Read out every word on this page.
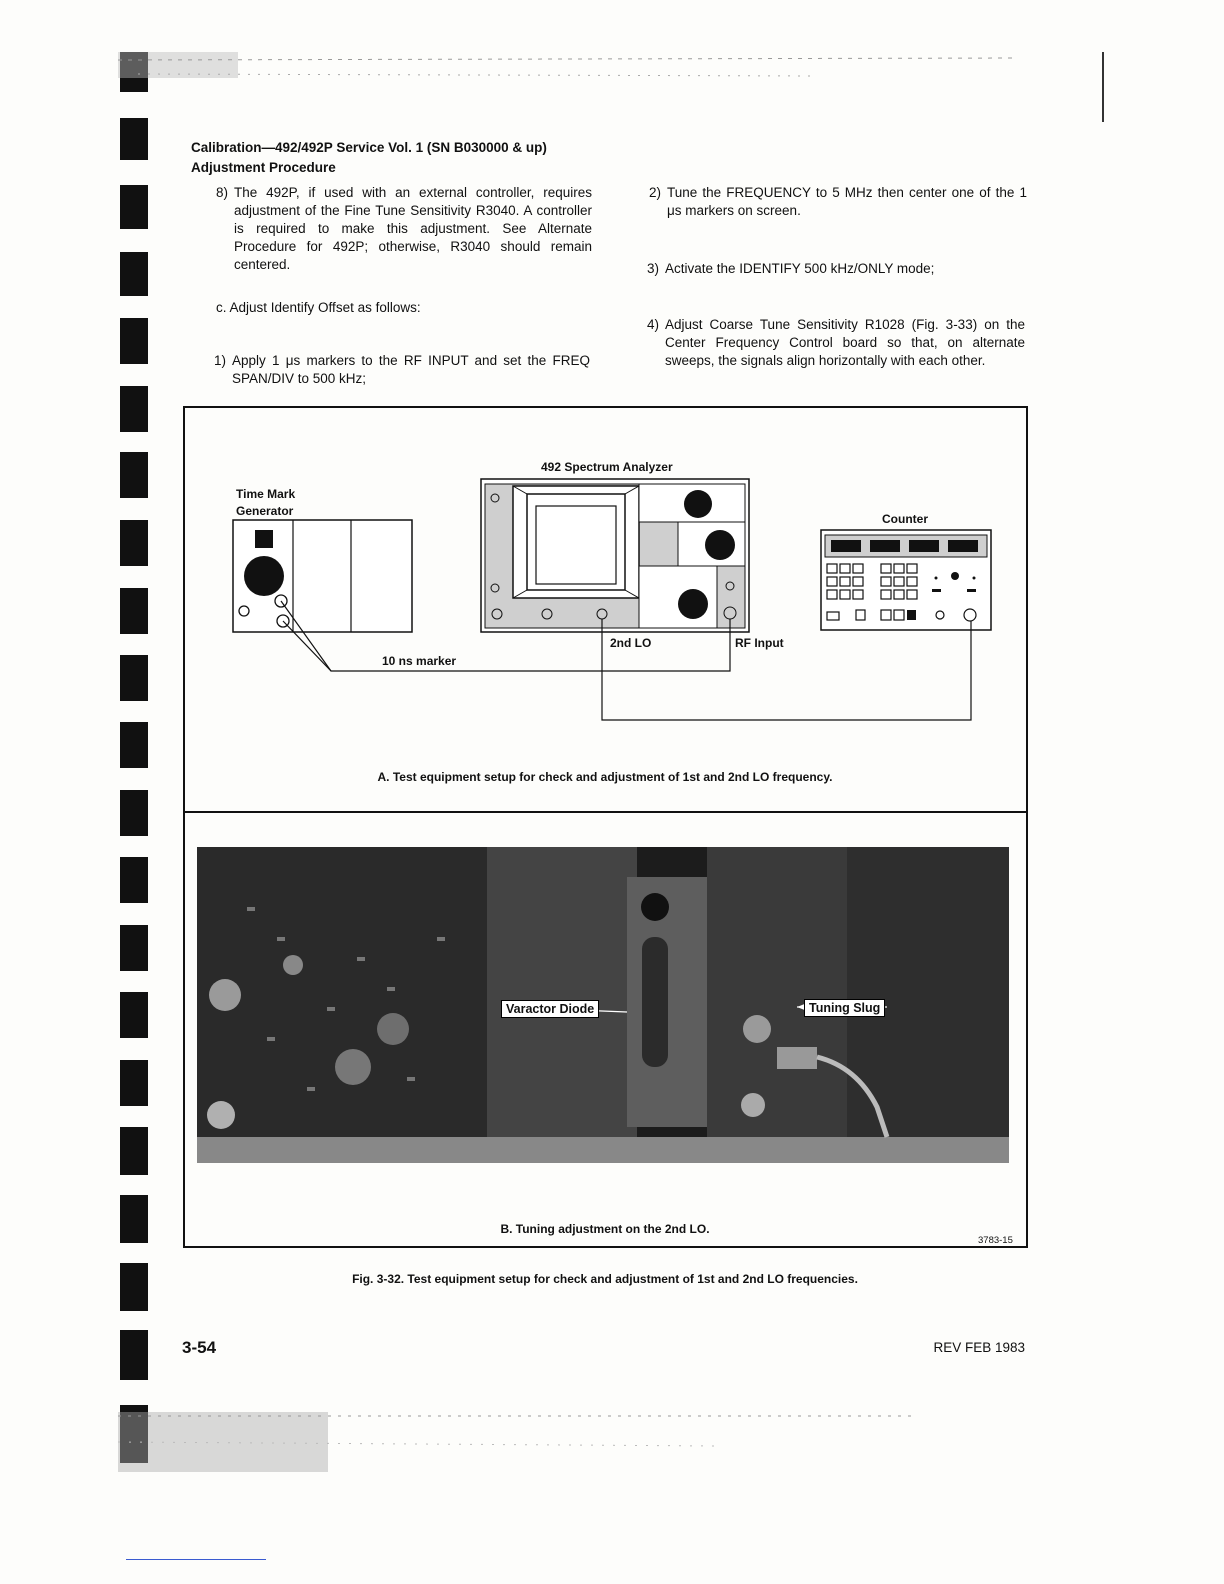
Calibration—492/492P Service Vol. 1 (SN B030000 & up)
Adjustment Procedure
8) The 492P, if used with an external controller, requires adjustment of the Fine Tune Sensitivity R3040. A controller is required to make this adjustment. See Alternate Procedure for 492P; otherwise, R3040 should remain centered.
c. Adjust Identify Offset as follows:
1) Apply 1 μs markers to the RF INPUT and set the FREQ SPAN/DIV to 500 kHz;
2) Tune the FREQUENCY to 5 MHz then center one of the 1 μs markers on screen.
3) Activate the IDENTIFY 500 kHz/ONLY mode;
4) Adjust Coarse Tune Sensitivity R1028 (Fig. 3-33) on the Center Frequency Control board so that, on alternate sweeps, the signals align horizontally with each other.
492 Spectrum Analyzer
Time Mark
Generator
Counter
10 ns marker
2nd LO	RF Input
A. Test equipment setup for check and adjustment of 1st and 2nd LO frequency.
Varactor Diode	Tuning Slug
B. Tuning adjustment on the 2nd LO.
3783-15
Fig. 3-32. Test equipment setup for check and adjustment of 1st and 2nd LO frequencies.
3-54	REV FEB 1983
